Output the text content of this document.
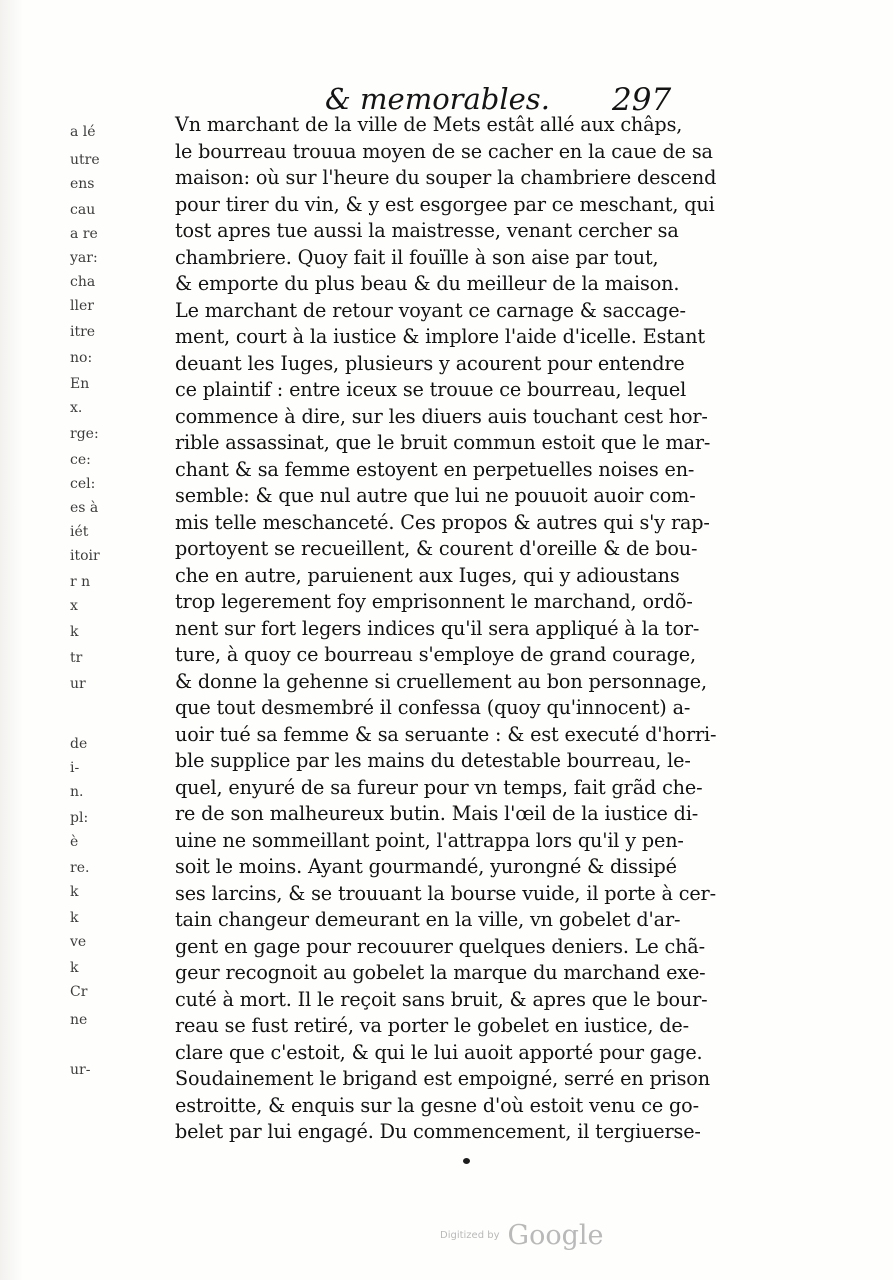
& memorables.	297
a lé
utre
ens
cau
a re
yar:
cha
ller
itre
no:
En
x.
rge:
ce:
cel:
es à
iét
itoir
r n
x
k
tr
ur
de
i-
n.
pl:
è
re.
k
k
ve
k
Cr
ne
ur-
Vn marchant de la ville de Mets estât allé aux châps,
le bourreau trouua moyen de se cacher en la caue de sa
maison: où sur l'heure du souper la chambriere descend
pour tirer du vin, & y est esgorgee par ce meschant, qui
tost apres tue aussi la maistresse, venant cercher sa
chambriere. Quoy fait il fouïlle à son aise par tout,
& emporte du plus beau & du meilleur de la maison.
Le marchant de retour voyant ce carnage & saccage-
ment, court à la iustice & implore l'aide d'icelle. Estant
deuant les Iuges, plusieurs y acourent pour entendre
ce plaintif : entre iceux se trouue ce bourreau, lequel
commence à dire, sur les diuers auis touchant cest hor-
rible assassinat, que le bruit commun estoit que le mar-
chant & sa femme estoyent en perpetuelles noises en-
semble: & que nul autre que lui ne pouuoit auoir com-
mis telle meschanceté. Ces propos & autres qui s'y rap-
portoyent se recueillent, & courent d'oreille & de bou-
che en autre, paruienent aux Iuges, qui y adioustans
trop legerement foy emprisonnent le marchand, ordõ-
nent sur fort legers indices qu'il sera appliqué à la tor-
ture, à quoy ce bourreau s'employe de grand courage,
& donne la gehenne si cruellement au bon personnage,
que tout desmembré il confessa (quoy qu'innocent) a-
uoir tué sa femme & sa seruante : & est executé d'horri-
ble supplice par les mains du detestable bourreau, le-
quel, enyuré de sa fureur pour vn temps, fait grãd che-
re de son malheureux butin. Mais l'œil de la iustice di-
uine ne sommeillant point, l'attrappa lors qu'il y pen-
soit le moins. Ayant gourmandé, yurongné & dissipé
ses larcins, & se trouuant la bourse vuide, il porte à cer-
tain changeur demeurant en la ville, vn gobelet d'ar-
gent en gage pour recouurer quelques deniers. Le chã-
geur recognoit au gobelet la marque du marchand exe-
cuté à mort. Il le reçoit sans bruit, & apres que le bour-
reau se fust retiré, va porter le gobelet en iustice, de-
clare que c'estoit, & qui le lui auoit apporté pour gage.
Soudainement le brigand est empoigné, serré en prison
estroitte, & enquis sur la gesne d'où estoit venu ce go-
belet par lui engagé. Du commencement, il tergiuerse-
Digitized by Google
